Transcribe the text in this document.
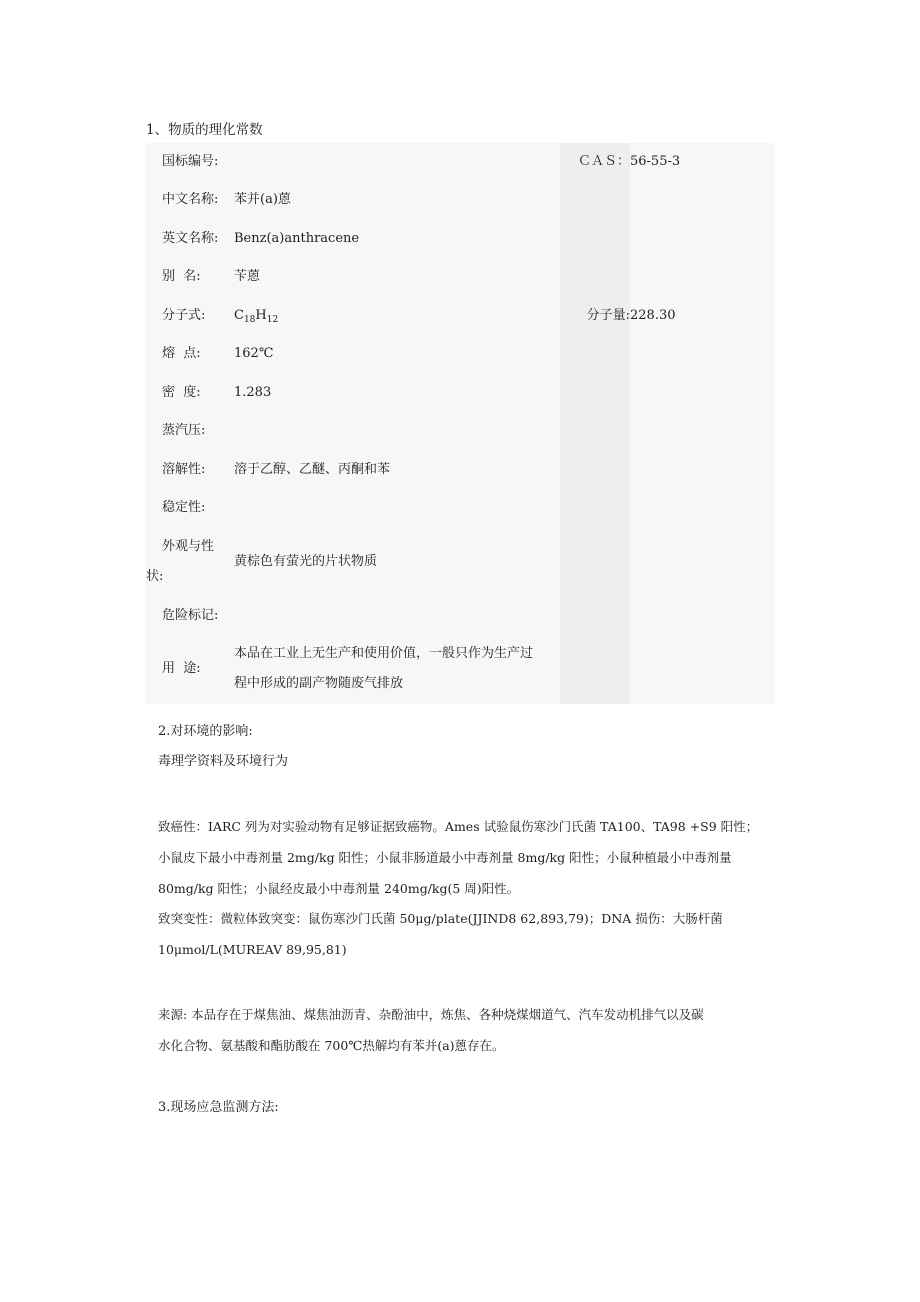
1、物质的理化常数
国标编号:		ＣＡＳ：	56-55-3

中文名称:	苯并(a)蒽		

英文名称:	Benz(a)anthracene		

别  名:	苄蒽		

分子式:	$C_{18}H_{12}$	分子量:	228.30

熔  点:	162℃		

密  度:	1.283		

蒸汽压:			

溶解性:	溶于乙醇、乙醚、丙酮和苯		

稳定性:			

外观与性
状:	黄棕色有萤光的片状物质		

危险标记:			

用  途:	本品在工业上无生产和使用价值，一般只作为生产过
程中形成的副产物随废气排放		

2.对环境的影响:
毒理学资料及环境行为
致癌性：IARC 列为对实验动物有足够证据致癌物。Ames 试验鼠伤寒沙门氏菌 TA100、TA98 +S9 阳性；
小鼠皮下最小中毒剂量 2mg/kg 阳性；小鼠非肠道最小中毒剂量 8mg/kg 阳性；小鼠种植最小中毒剂量
80mg/kg 阳性；小鼠经皮最小中毒剂量 240mg/kg(5 周)阳性。
致突变性：微粒体致突变：鼠伤寒沙门氏菌 50μg/plate(JJIND8 62,893,79)；DNA 损伤：大肠杆菌
10μmol/L(MUREAV 89,95,81)
来源: 本品存在于煤焦油、煤焦油沥青、杂酚油中，炼焦、各种烧煤烟道气、汽车发动机排气以及碳
水化合物、氨基酸和酯肪酸在 700℃热解均有苯并(a)蒽存在。
3.现场应急监测方法:
